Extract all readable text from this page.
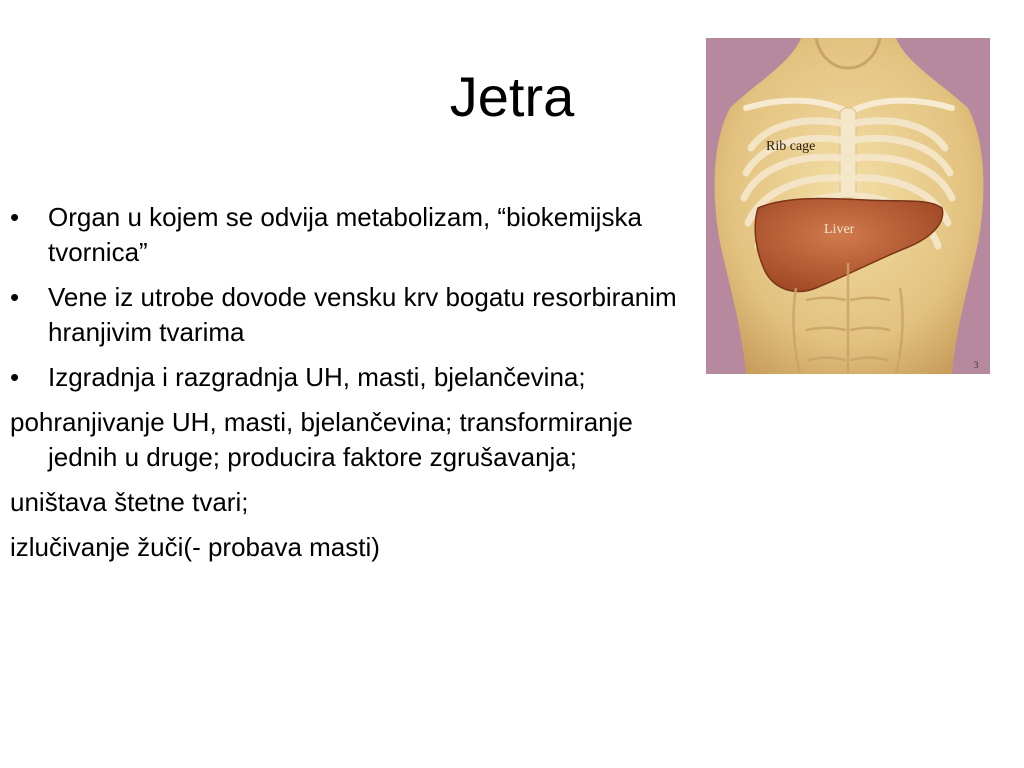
Jetra
• Organ u kojem se odvija metabolizam, “biokemijska tvornica”
• Vene iz utrobe dovode vensku krv bogatu resorbiranim hranjivim tvarima
• Izgradnja i razgradnja UH, masti, bjelančevina;
pohranjivanje UH, masti, bjelančevina; transformiranje jednih u druge; producira faktore zgrušavanja;
uništava štetne tvari;
izlučivanje žuči(- probava masti)
Rib cage
Liver
3
